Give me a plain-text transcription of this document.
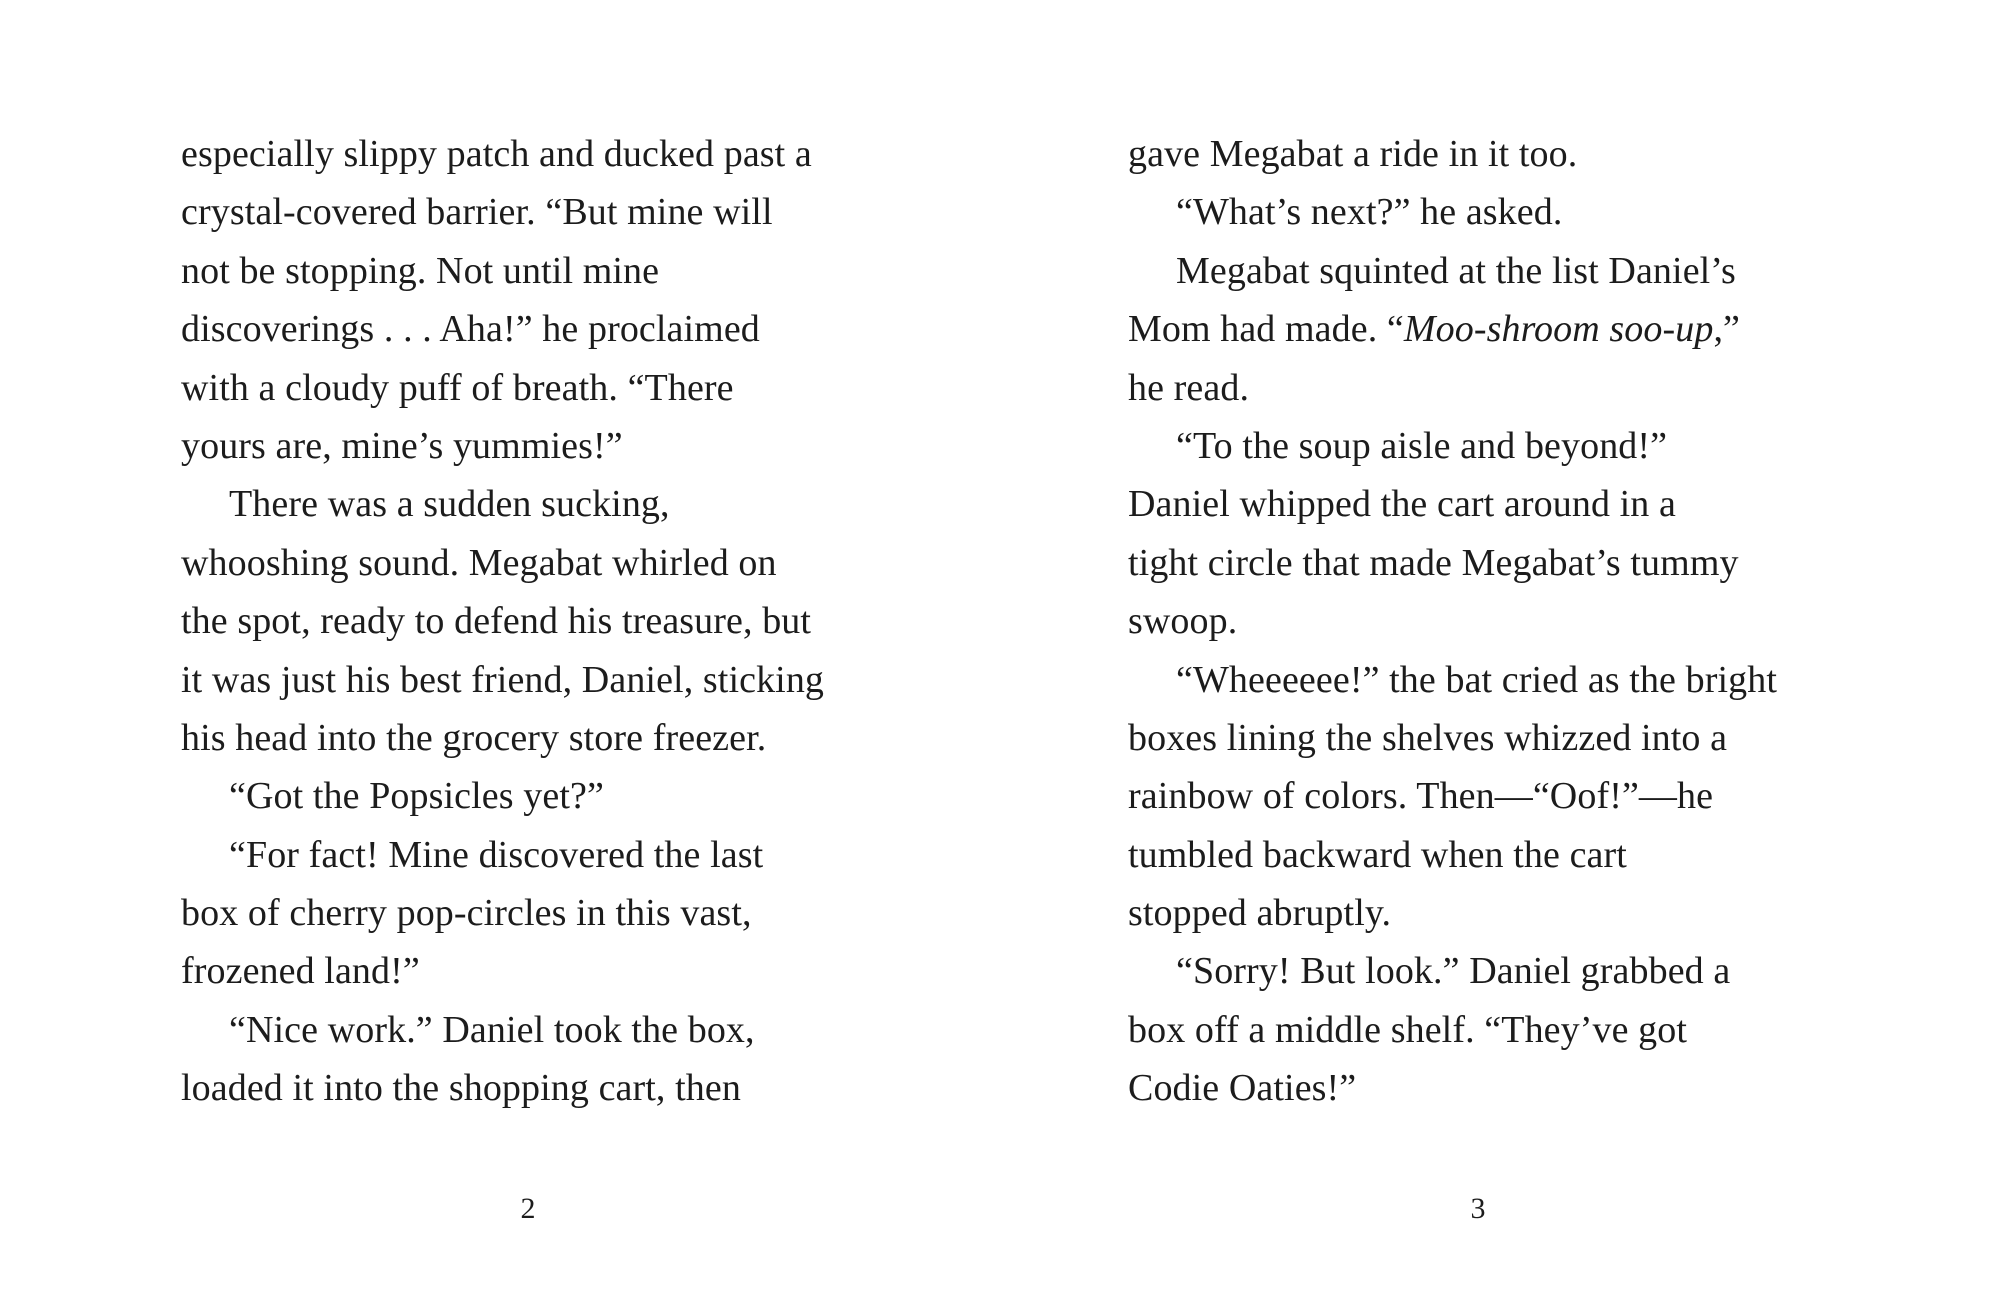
especially slippy patch and ducked past a
crystal-covered barrier. “But mine will
not be stopping. Not until mine
discoverings . . . Aha!” he proclaimed
with a cloudy puff of breath. “There
yours are, mine’s yummies!”
There was a sudden sucking,
whooshing sound. Megabat whirled on
the spot, ready to defend his treasure, but
it was just his best friend, Daniel, sticking
his head into the grocery store freezer.
“Got the Popsicles yet?”
“For fact! Mine discovered the last
box of cherry pop-circles in this vast,
frozened land!”
“Nice work.” Daniel took the box,
loaded it into the shopping cart, then
2
gave Megabat a ride in it too.
“What’s next?” he asked.
Megabat squinted at the list Daniel’s
Mom had made. “Moo-shroom soo-up,”
he read.
“To the soup aisle and beyond!”
Daniel whipped the cart around in a
tight circle that made Megabat’s tummy
swoop.
“Wheeeeee!” the bat cried as the bright
boxes lining the shelves whizzed into a
rainbow of colors. Then—“Oof!”—he
tumbled backward when the cart
stopped abruptly.
“Sorry! But look.” Daniel grabbed a
box off a middle shelf. “They’ve got
Codie Oaties!”
3
